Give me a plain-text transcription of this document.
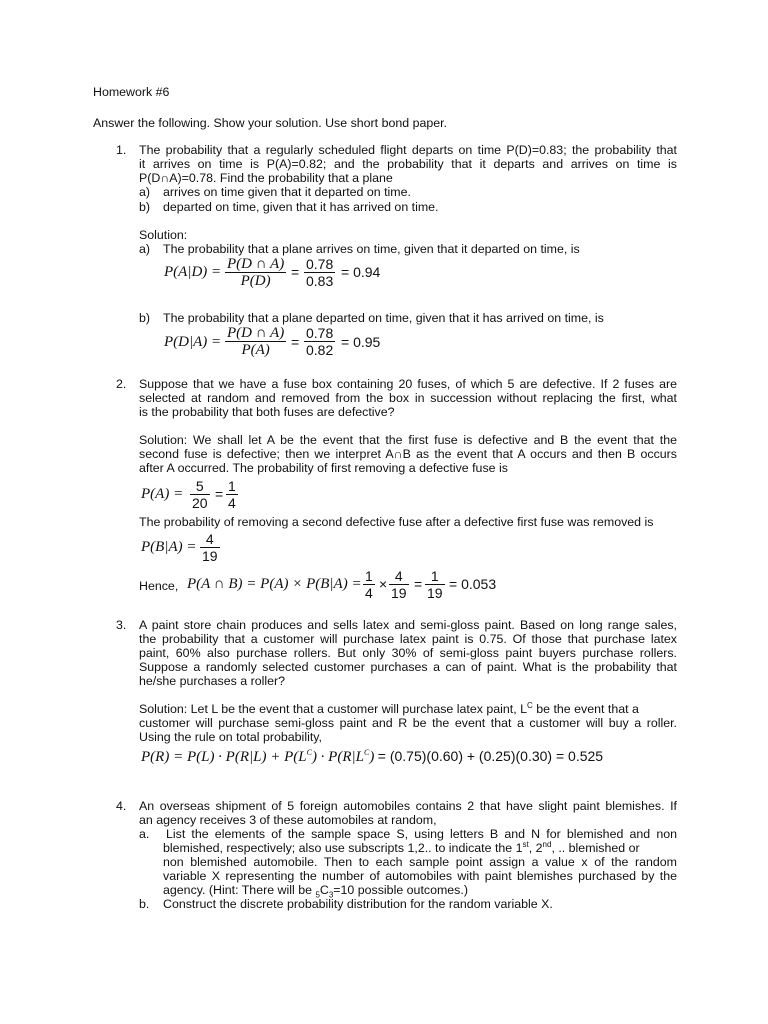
Homework #6
Answer the following. Show your solution. Use short bond paper.
1. The probability that a regularly scheduled flight departs on time P(D)=0.83; the probability that
it arrives on time is P(A)=0.82; and the probability that it departs and arrives on time is
P(D∩A)=0.78. Find the probability that a plane
a) arrives on time given that it departed on time.
b) departed on time, given that it has arrived on time.
Solution:
a) The probability that a plane arrives on time, given that it departed on time, is
P(A|D) = P(D ∩ A)
P(D)
= 0.78
0.83
= 0.94
b) The probability that a plane departed on time, given that it has arrived on time, is
P(D|A) =
P(D ∩ A)
P(A) =
0.78
0.82 = 0.95
2. Suppose that we have a fuse box containing 20 fuses, of which 5 are defective. If 2 fuses are
selected at random and removed from the box in succession without replacing the first, what
is the probability that both fuses are defective?
Solution: We shall let A be the event that the first fuse is defective and B the event that the
second fuse is defective; then we interpret A∩B as the event that A occurs and then B occurs
after A occurred. The probability of first removing a defective fuse is
P(A) = 5
20
= 1
4
The probability of removing a second defective fuse after a defective first fuse was removed is
P(B|A) = 4
19
Hence, P(A ∩ B) = P(A) × P(B|A) = 1
4
× 4
19
= 1
19
= 0.053
3. A paint store chain produces and sells latex and semi-gloss paint. Based on long range sales,
the probability that a customer will purchase latex paint is 0.75. Of those that purchase latex
paint, 60% also purchase rollers. But only 30% of semi-gloss paint buyers purchase rollers.
Suppose a randomly selected customer purchases a can of paint. What is the probability that
he/she purchases a roller?
Solution: Let L be the event that a customer will purchase latex paint, $L^C$ be the event that a
customer will purchase semi-gloss paint and R be the event that a customer will buy a roller.
Using the rule on total probability,
$P(R) = P(L) \cdot P(R|L) + P(L^C) \cdot P(R|L^C) = (0.75)(0.60) + (0.25)(0.30) = 0.525$
4. An overseas shipment of 5 foreign automobiles contains 2 that have slight paint blemishes. If
an agency receives 3 of these automobiles at random,
a. List the elements of the sample space S, using letters B and N for blemished and non
blemished, respectively; also use subscripts 1,2.. to indicate the 1st, 2nd, .. blemished or
non blemished automobile. Then to each sample point assign a value x of the random
variable X representing the number of automobiles with paint blemishes purchased by the
agency. (Hint: There will be $_5C_3=10$ possible outcomes.)
b. Construct the discrete probability distribution for the random variable X.
